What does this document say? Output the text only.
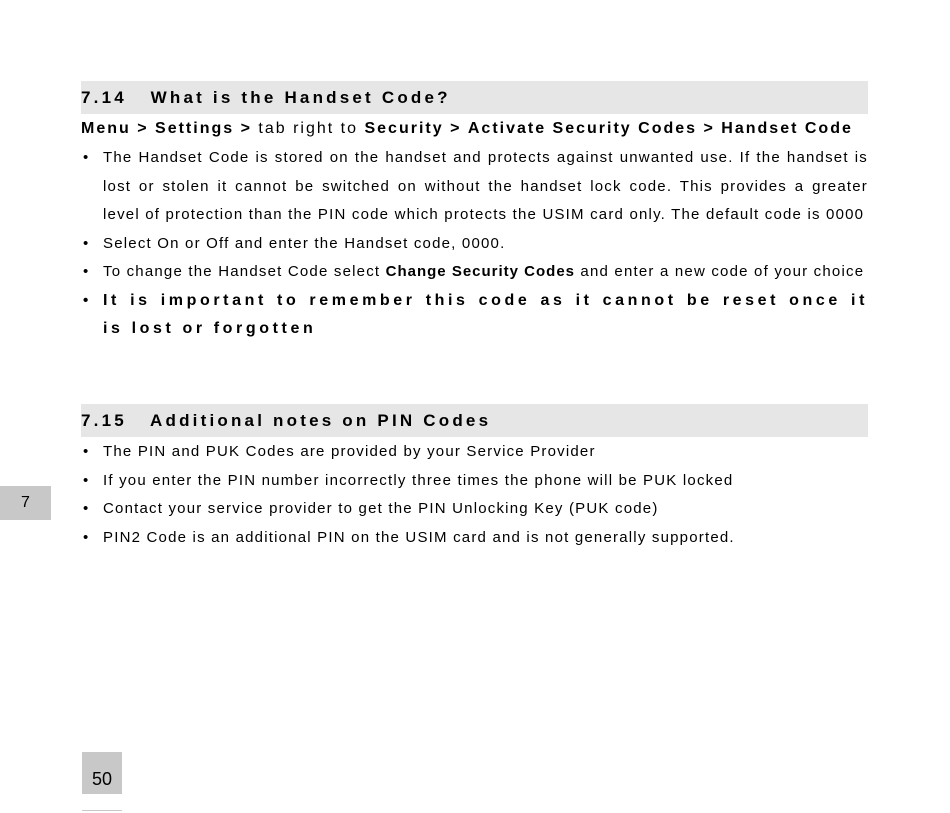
7.14   What is the Handset Code?
Menu > Settings > tab right to Security > Activate Security Codes > Handset Code
• The Handset Code is stored on the handset and protects against unwanted use. If the handset is lost or stolen it cannot be switched on without the handset lock code. This provides a greater level of protection than the PIN code which protects the USIM card only. The default code is 0000
• Select On or Off and enter the Handset code, 0000.
• To change the Handset Code select Change Security Codes and enter a new code of your choice
• It is important to remember this code as it cannot be reset once it is lost or forgotten
7.15   Additional notes on PIN Codes
• The PIN and PUK Codes are provided by your Service Provider
• If you enter the PIN number incorrectly three times the phone will be PUK locked
• Contact your service provider to get the PIN Unlocking Key (PUK code)
• PIN2 Code is an additional PIN on the USIM card and is not generally supported.
7
50
